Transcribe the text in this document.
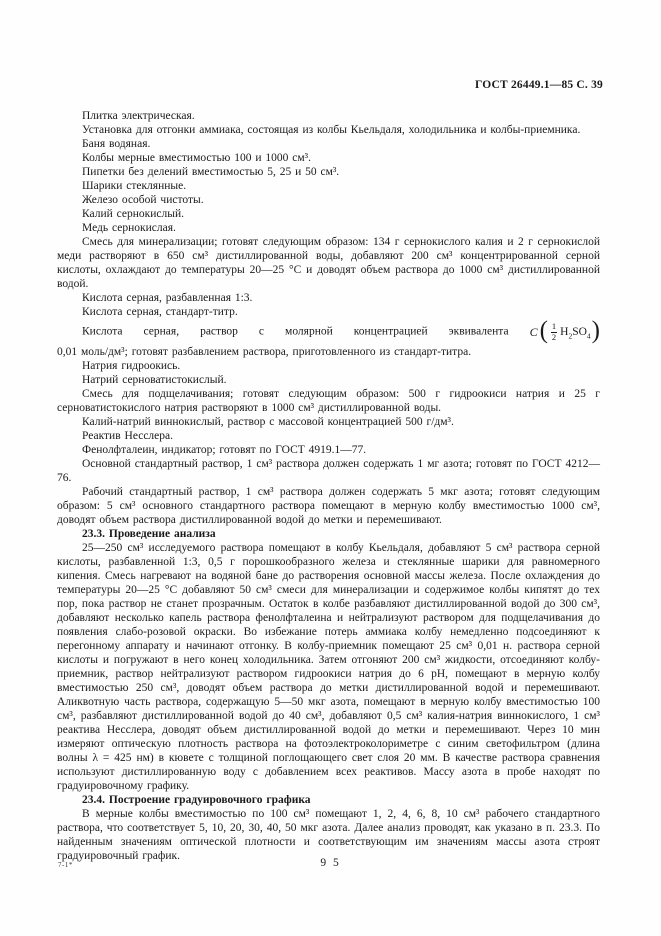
ГОСТ 26449.1—85 С. 39
Плитка электрическая.
Установка для отгонки аммиака, состоящая из колбы Кьельдаля, холодильника и колбы-приемника.
Баня водяная.
Колбы мерные вместимостью 100 и 1000 см³.
Пипетки без делений вместимостью 5, 25 и 50 см³.
Шарики стеклянные.
Железо особой чистоты.
Калий сернокислый.
Медь сернокислая.
Смесь для минерализации; готовят следующим образом: 134 г сернокислого калия и 2 г сернокислой меди растворяют в 650 см³ дистиллированной воды, добавляют 200 см³ концентрированной серной кислоты, охлаждают до температуры 20—25 °С и доводят объем раствора до 1000 см³ дистиллированной водой.
Кислота серная, разбавленная 1:3.
Кислота серная, стандарт-титр.
Кислота серная, раствор с молярной концентрацией эквивалента C ( $\frac{1}{2} H_2SO_4$ )
0,01 моль/дм³; готовят разбавлением раствора, приготовленного из стандарт-титра.
Натрия гидроокись.
Натрий серноватистокислый.
Смесь для подщелачивания; готовят следующим образом: 500 г гидроокиси натрия и 25 г серноватистокислого натрия растворяют в 1000 см³ дистиллированной воды.
Калий-натрий виннокислый, раствор с массовой концентрацией 500 г/дм³.
Реактив Несслера.
Фенолфталеин, индикатор; готовят по ГОСТ 4919.1—77.
Основной стандартный раствор, 1 см³ раствора должен содержать 1 мг азота; готовят по ГОСТ 4212—76.
Рабочий стандартный раствор, 1 см³ раствора должен содержать 5 мкг азота; готовят следующим образом: 5 см³ основного стандартного раствора помещают в мерную колбу вместимостью 1000 см³, доводят объем раствора дистиллированной водой до метки и перемешивают.
23.3. Проведение анализа
25—250 см³ исследуемого раствора помещают в колбу Кьельдаля, добавляют 5 см³ раствора серной кислоты, разбавленной 1:3, 0,5 г порошкообразного железа и стеклянные шарики для равномерного кипения. Смесь нагревают на водяной бане до растворения основной массы железа. После охлаждения до температуры 20—25 °С добавляют 50 см³ смеси для минерализации и содержимое колбы кипятят до тех пор, пока раствор не станет прозрачным. Остаток в колбе разбавляют дистиллированной водой до 300 см³, добавляют несколько капель раствора фенолфталеина и нейтрализуют раствором для подщелачивания до появления слабо-розовой окраски. Во избежание потерь аммиака колбу немедленно подсоединяют к перегонному аппарату и начинают отгонку. В колбу-приемник помещают 25 см³ 0,01 н. раствора серной кислоты и погружают в него конец холодильника. Затем отгоняют 200 см³ жидкости, отсоединяют колбу-приемник, раствор нейтрализуют раствором гидроокиси натрия до 6 рН, помещают в мерную колбу вместимостью 250 см³, доводят объем раствора до метки дистиллированной водой и перемешивают. Аликвотную часть раствора, содержащую 5—50 мкг азота, помещают в мерную колбу вместимостью 100 см³, разбавляют дистиллированной водой до 40 см³, добавляют 0,5 см³ калия-натрия виннокислого, 1 см³ реактива Несслера, доводят объем дистиллированной водой до метки и перемешивают. Через 10 мин измеряют оптическую плотность раствора на фотоэлектроколориметре с синим светофильтром (длина волны λ = 425 нм) в кювете с толщиной поглощающего свет слоя 20 мм. В качестве раствора сравнения используют дистиллированную воду с добавлением всех реактивов. Массу азота в пробе находят по градуировочному графику.
23.4. Построение градуировочного графика
В мерные колбы вместимостью по 100 см³ помещают 1, 2, 4, 6, 8, 10 см³ рабочего стандартного раствора, что соответствует 5, 10, 20, 30, 40, 50 мкг азота. Далее анализ проводят, как указано в п. 23.3. По найденным значениям оптической плотности и соответствующим им значениям массы азота строят градуировочный график.
7-1*	9 5
